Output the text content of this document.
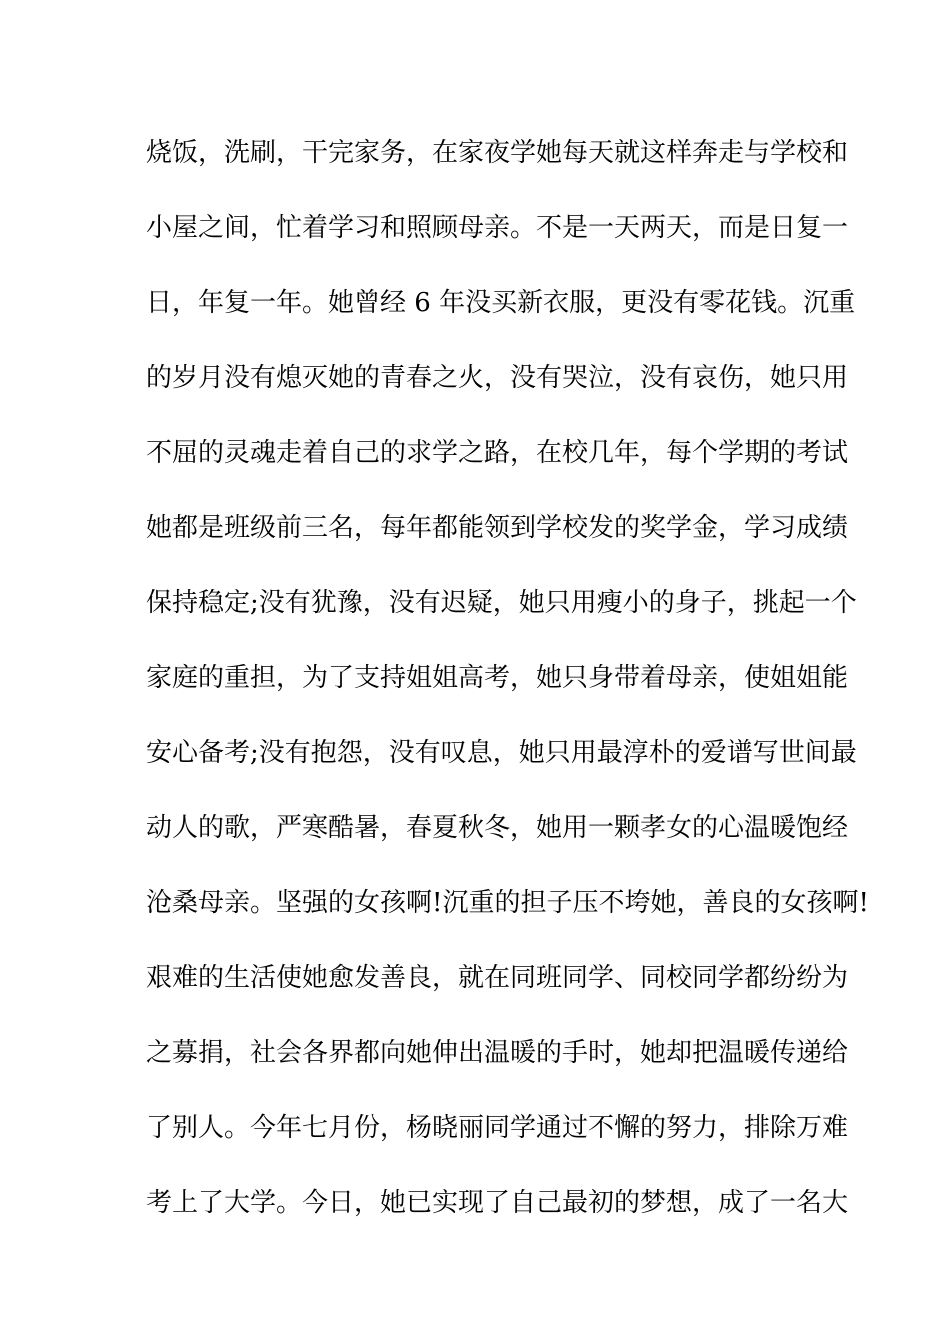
烧饭，洗刷，干完家务，在家夜学她每天就这样奔走与学校和
小屋之间，忙着学习和照顾母亲。不是一天两天，而是日复一
日，年复一年。她曾经 6 年没买新衣服，更没有零花钱。沉重
的岁月没有熄灭她的青春之火，没有哭泣，没有哀伤，她只用
不屈的灵魂走着自己的求学之路，在校几年，每个学期的考试
她都是班级前三名，每年都能领到学校发的奖学金，学习成绩
保持稳定;没有犹豫，没有迟疑，她只用瘦小的身子，挑起一个
家庭的重担，为了支持姐姐高考，她只身带着母亲，使姐姐能
安心备考;没有抱怨，没有叹息，她只用最淳朴的爱谱写世间最
动人的歌，严寒酷暑，春夏秋冬，她用一颗孝女的心温暖饱经
沧桑母亲。坚强的女孩啊!沉重的担子压不垮她，善良的女孩啊!
艰难的生活使她愈发善良，就在同班同学、同校同学都纷纷为
之募捐，社会各界都向她伸出温暖的手时，她却把温暖传递给
了别人。今年七月份，杨晓丽同学通过不懈的努力，排除万难
考上了大学。今日，她已实现了自己最初的梦想，成了一名大
